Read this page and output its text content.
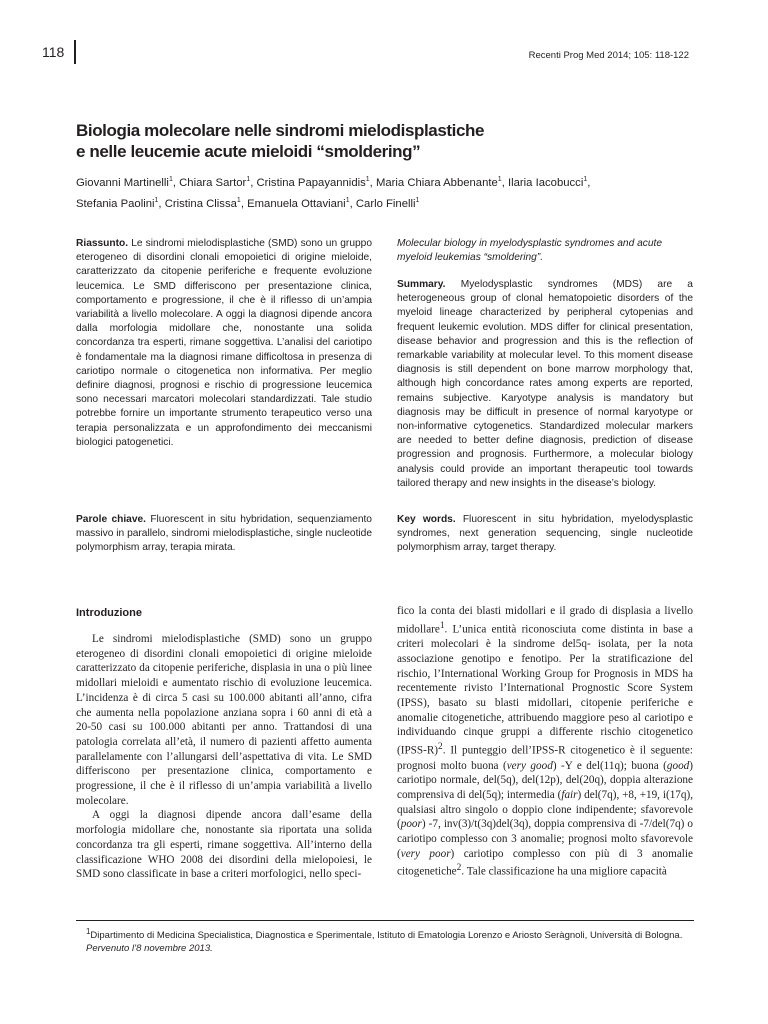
118	Recenti Prog Med 2014; 105: 118-122
Biologia molecolare nelle sindromi mielodisplastiche
e nelle leucemie acute mieloidi “smoldering”
Giovanni Martinelli$^1$, Chiara Sartor$^1$, Cristina Papayannidis$^1$, Maria Chiara Abbenante$^1$, Ilaria Iacobucci$^1$,
Stefania Paolini$^1$, Cristina Clissa$^1$, Emanuela Ottaviani$^1$, Carlo Finelli$^1$
Riassunto. Le sindromi mielodisplastiche (SMD) sono un gruppo eterogeneo di disordini clonali emopoietici di origine mieloide, caratterizzato da citopenie periferiche e frequente evoluzione leucemica. Le SMD differiscono per presentazione clinica, comportamento e progressione, il che è il riflesso di un’ampia variabilità a livello molecolare. A oggi la diagnosi dipende ancora dalla morfologia midollare che, nonostante una solida concordanza tra esperti, rimane soggettiva. L’analisi del cariotipo è fondamentale ma la diagnosi rimane difficoltosa in presenza di cariotipo normale o citogenetica non informativa. Per meglio definire diagnosi, prognosi e rischio di progressione leucemica sono necessari marcatori molecolari standardizzati. Tale studio potrebbe fornire un importante strumento terapeutico verso una terapia personalizzata e un approfondimento dei meccanismi biologici patogenetici.
Molecular biology in myelodysplastic syndromes and acute myeloid leukemias “smoldering”.
Summary. Myelodysplastic syndromes (MDS) are a heterogeneous group of clonal hematopoietic disorders of the myeloid lineage characterized by peripheral cytopenias and frequent leukemic evolution. MDS differ for clinical presentation, disease behavior and progression and this is the reflection of remarkable variability at molecular level. To this moment disease diagnosis is still dependent on bone marrow morphology that, although high concordance rates among experts are reported, remains subjective. Karyotype analysis is mandatory but diagnosis may be difficult in presence of normal karyotype or non-informative cytogenetics. Standardized molecular markers are needed to better define diagnosis, prediction of disease progression and prognosis. Furthermore, a molecular biology analysis could provide an important therapeutic tool towards tailored therapy and new insights in the disease’s biology.
Parole chiave. Fluorescent in situ hybridation, sequenziamento massivo in parallelo, sindromi mielodisplastiche, single nucleotide polymorphism array, terapia mirata.
Key words. Fluorescent in situ hybridation, myelodysplastic syndromes, next generation sequencing, single nucleotide polymorphism array, target therapy.
Introduzione

Le sindromi mielodisplastiche (SMD) sono un gruppo eterogeneo di disordini clonali emopoietici di origine mieloide caratterizzato da citopenie periferiche, displasia in una o più linee midollari mieloidi e aumentato rischio di evoluzione leucemica. L’incidenza è di circa 5 casi su 100.000 abitanti all’anno, cifra che aumenta nella popolazione anziana sopra i 60 anni di età a 20-50 casi su 100.000 abitanti per anno. Trattandosi di una patologia correlata all’età, il numero di pazienti affetto aumenta parallelamente con l’allungarsi dell’aspettativa di vita. Le SMD differiscono per presentazione clinica, comportamento e progressione, il che è il riflesso di un’ampia variabilità a livello molecolare.

A oggi la diagnosi dipende ancora dall’esame della morfologia midollare che, nonostante sia riportata una solida concordanza tra gli esperti, rimane soggettiva. All’interno della classificazione WHO 2008 dei disordini della mielopoiesi, le SMD sono classificate in base a criteri morfologici, nello speci-

fico la conta dei blasti midollari e il grado di displasia a livello midollare$^1$. L’unica entità riconosciuta come distinta in base a criteri molecolari è la sindrome del5q- isolata, per la nota associazione genotipo e fenotipo. Per la stratificazione del rischio, l’International Working Group for Prognosis in MDS ha recentemente rivisto l’International Prognostic Score System (IPSS), basato su blasti midollari, citopenie periferiche e anomalie citogenetiche, attribuendo maggiore peso al cariotipo e individuando cinque gruppi a differente rischio citogenetico (IPSS-R)$^2$. Il punteggio dell’IPSS-R citogenetico è il seguente: prognosi molto buona (very good) -Y e del(11q); buona (good) cariotipo normale, del(5q), del(12p), del(20q), doppia alterazione comprensiva di del(5q); intermedia (fair) del(7q), +8, +19, i(17q), qualsiasi altro singolo o doppio clone indipendente; sfavorevole (poor) -7, inv(3)/t(3q)del(3q), doppia comprensiva di -7/del(7q) o cariotipo complesso con 3 anomalie; prognosi molto sfavorevole (very poor) cariotipo complesso con più di 3 anomalie citogenetiche$^2$. Tale classificazione ha una migliore capacità

$^1$Dipartimento di Medicina Specialistica, Diagnostica e Sperimentale, Istituto di Ematologia Lorenzo e Ariosto Seràgnoli, Università di Bologna.

Pervenuto l’8 novembre 2013.
